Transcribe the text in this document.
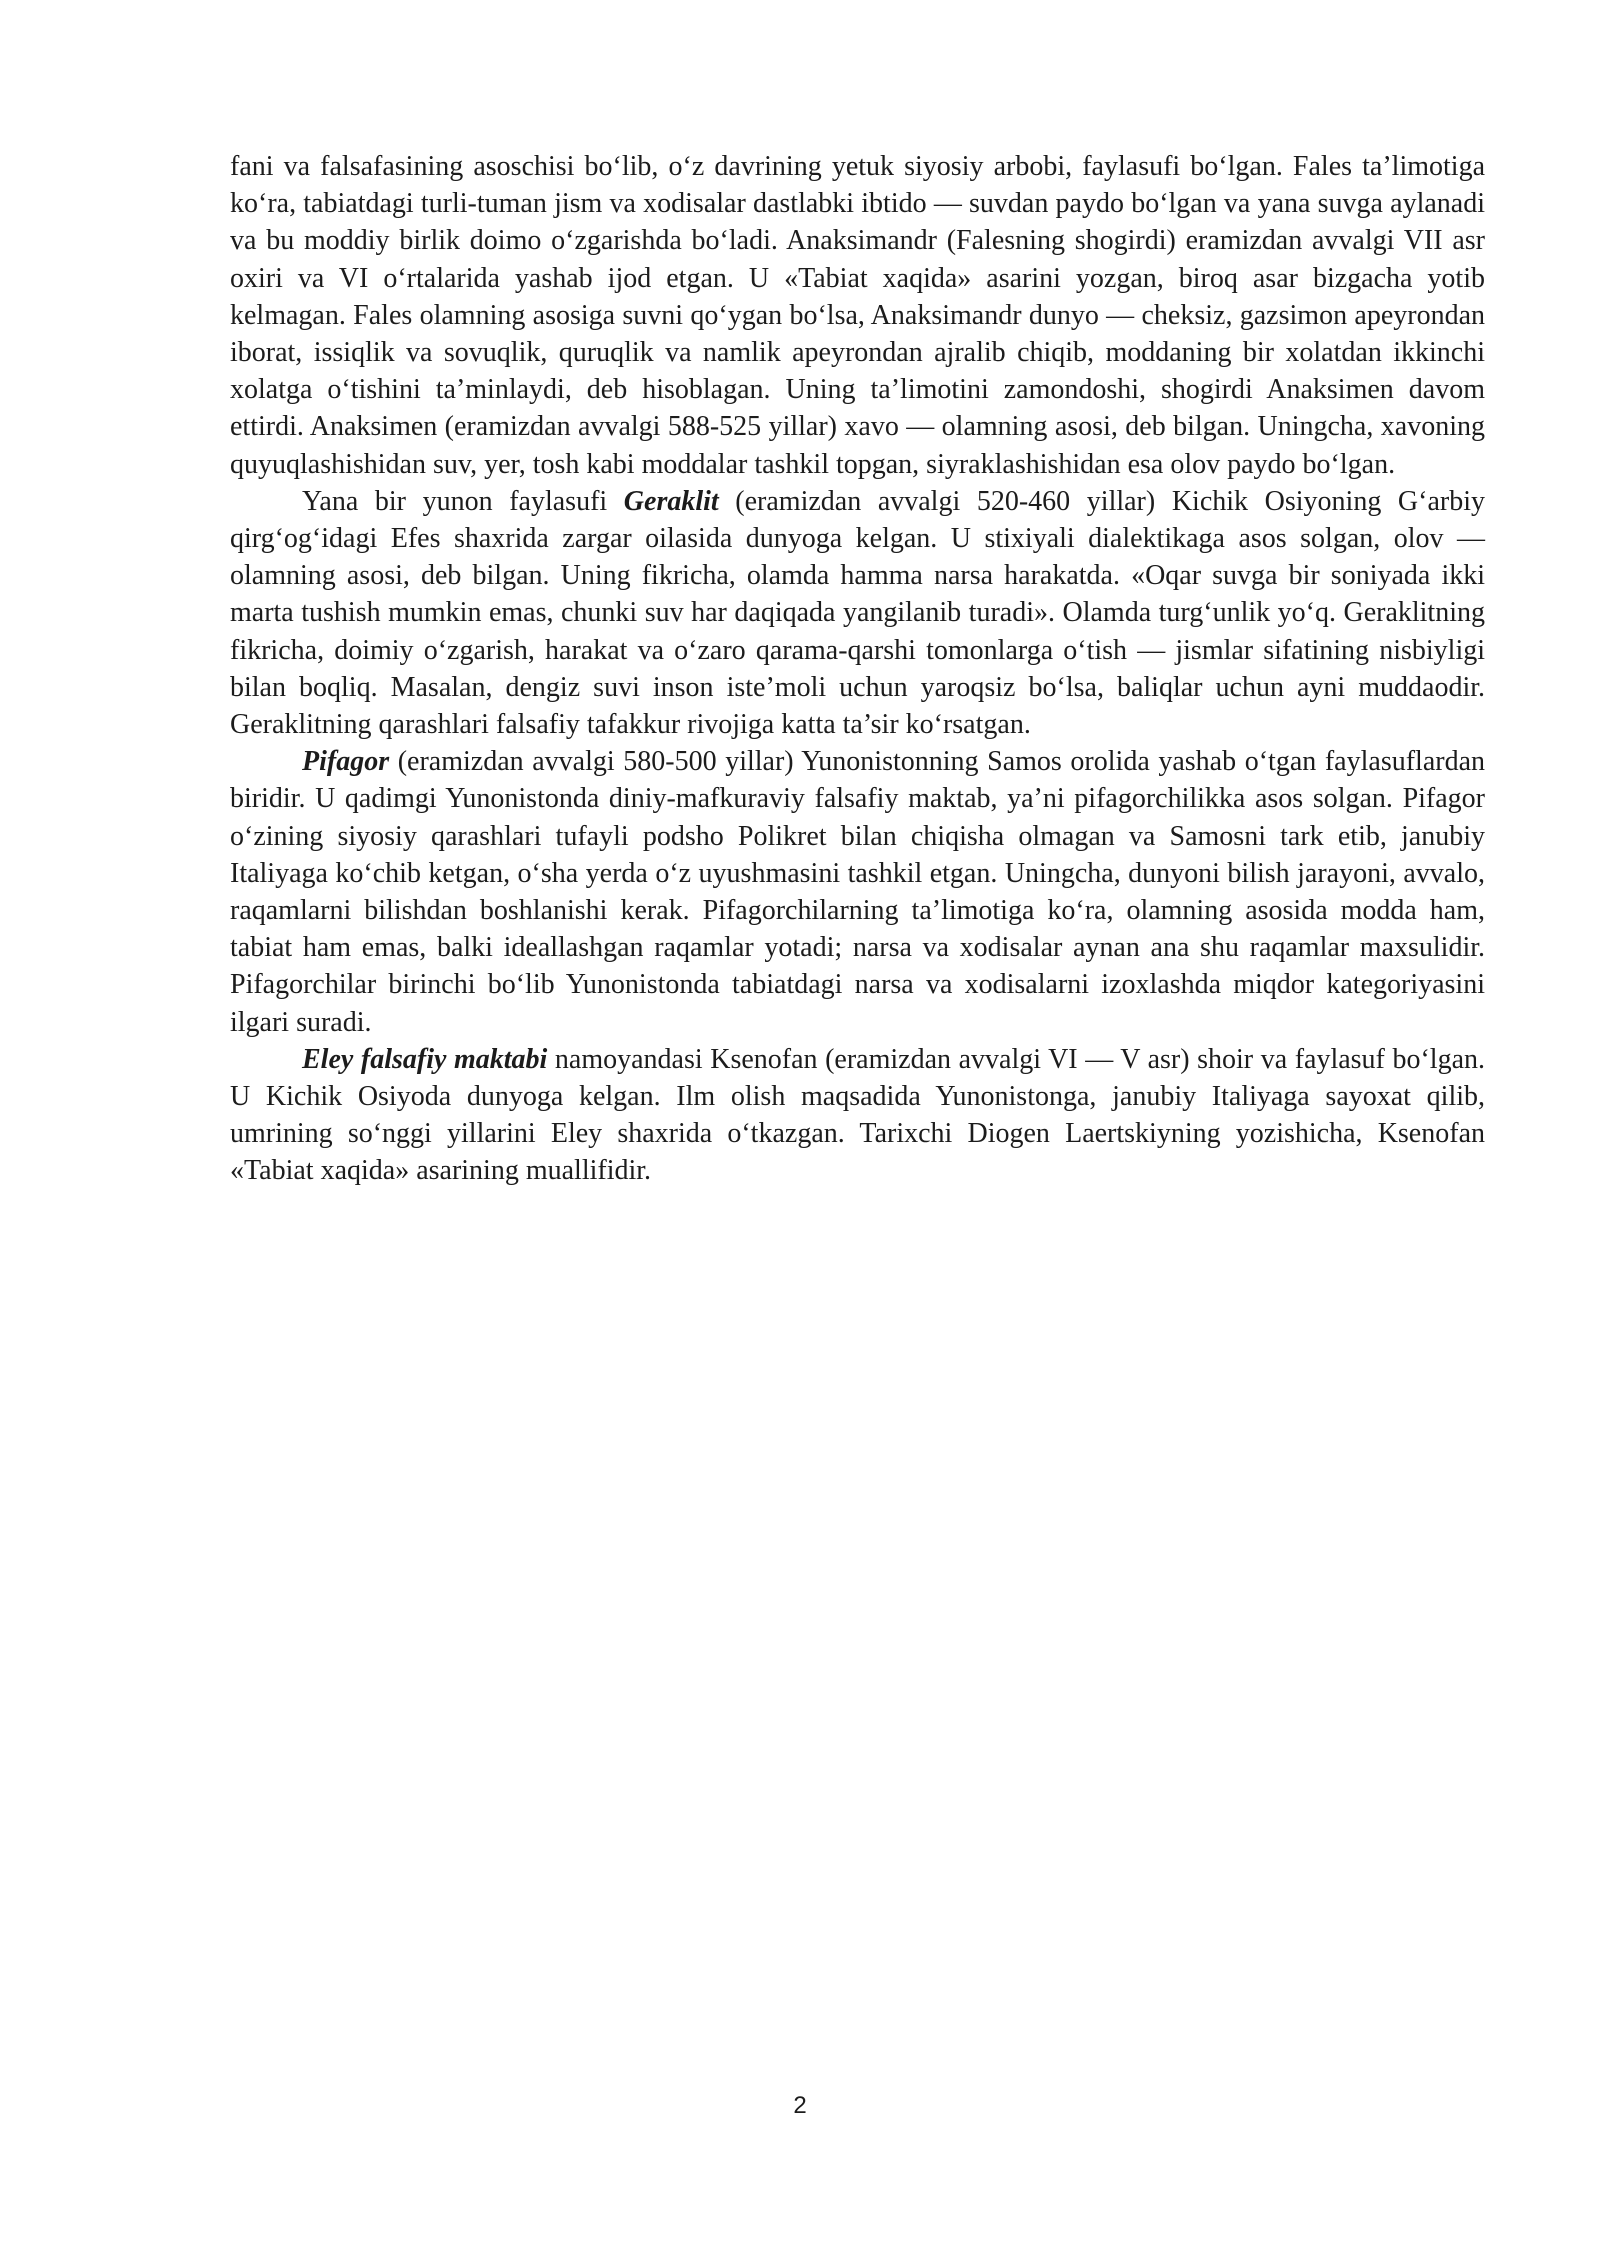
fani va falsafasining asoschisi bo‘lib, o‘z davrining yetuk siyosiy arbobi, faylasufi bo‘lgan. Fales ta’limotiga ko‘ra, tabiatdagi turli-tuman jism va xodisalar dastlabki ibtido — suvdan paydo bo‘lgan va yana suvga aylanadi va bu moddiy birlik doimo o‘zgarishda bo‘ladi. Anaksimandr (Falesning shogirdi) eramizdan avvalgi VII asr oxiri va VI o‘rtalarida yashab ijod etgan. U «Tabiat xaqida» asarini yozgan, biroq asar bizgacha yotib kelmagan. Fales olamning asosiga suvni qo‘ygan bo‘lsa, Anaksimandr dunyo — cheksiz, gazsimon apeyrondan iborat, issiqlik va sovuqlik, quruqlik va namlik apeyrondan ajralib chiqib, moddaning bir xolatdan ikkinchi xolatga o‘tishini ta’minlaydi, deb hisoblagan. Uning ta’limotini zamondoshi, shogirdi Anaksimen davom ettirdi. Anaksimen (eramizdan avvalgi 588-525 yillar) xavo — olamning asosi, deb bilgan. Uningcha, xavoning quyuqlashishidan suv, yer, tosh kabi moddalar tashkil topgan, siyraklashishidan esa olov paydo bo‘lgan.

Yana bir yunon faylasufi Geraklit (eramizdan avvalgi 520-460 yillar) Kichik Osiyoning G‘arbiy qirg‘og‘idagi Efes shaxrida zargar oilasida dunyoga kelgan. U stixiyali dialektikaga asos solgan, olov — olamning asosi, deb bilgan. Uning fikricha, olamda hamma narsa harakatda. «Oqar suvga bir soniyada ikki marta tushish mumkin emas, chunki suv har daqiqada yangilanib turadi». Olamda turg‘unlik yo‘q. Geraklitning fikricha, doimiy o‘zgarish, harakat va o‘zaro qarama-qarshi tomonlarga o‘tish — jismlar sifatining nisbiyligi bilan boqliq. Masalan, dengiz suvi inson iste’moli uchun yaroqsiz bo‘lsa, baliqlar uchun ayni muddaodir. Geraklitning qarashlari falsafiy tafakkur rivojiga katta ta’sir ko‘rsatgan.

Pifagor (eramizdan avvalgi 580-500 yillar) Yunonistonning Samos orolida yashab o‘tgan faylasuflardan biridir. U qadimgi Yunonistonda diniy-mafkuraviy falsafiy maktab, ya’ni pifagorchilikka asos solgan. Pifagor o‘zining siyosiy qarashlari tufayli podsho Polikret bilan chiqisha olmagan va Samosni tark etib, janubiy Italiyaga ko‘chib ketgan, o‘sha yerda o‘z uyushmasini tashkil etgan. Uningcha, dunyoni bilish jarayoni, avvalo, raqamlarni bilishdan boshlanishi kerak. Pifagorchilarning ta’limotiga ko‘ra, olamning asosida modda ham, tabiat ham emas, balki ideallashgan raqamlar yotadi; narsa va xodisalar aynan ana shu raqamlar maxsulidir. Pifagorchilar birinchi bo‘lib Yunonistonda tabiatdagi narsa va xodisalarni izoxlashda miqdor kategoriyasini ilgari suradi.

Eley falsafiy maktabi namoyandasi Ksenofan (eramizdan avvalgi VI — V asr) shoir va faylasuf bo‘lgan. U Kichik Osiyoda dunyoga kelgan. Ilm olish maqsadida Yunonistonga, janubiy Italiyaga sayoxat qilib, umrining so‘nggi yillarini Eley shaxrida o‘tkazgan. Tarixchi Diogen Laertskiyning yozishicha, Ksenofan «Tabiat xaqida» asarining muallifidir.

2
